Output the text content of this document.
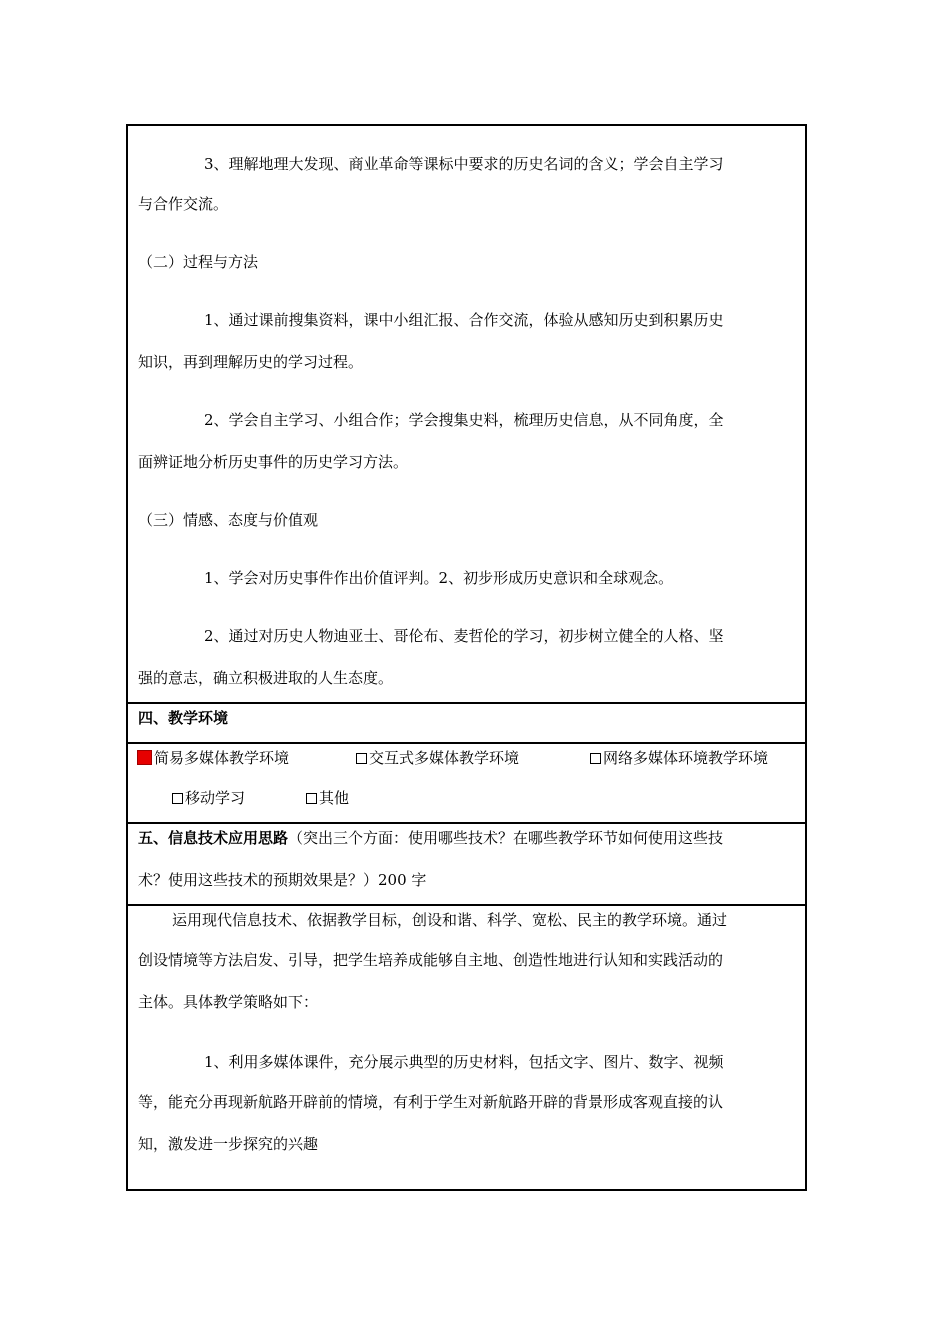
3、理解地理大发现、商业革命等课标中要求的历史名词的含义；学会自主学习
与合作交流。
（二）过程与方法
1、通过课前搜集资料，课中小组汇报、合作交流，体验从感知历史到积累历史
知识，再到理解历史的学习过程。
2、学会自主学习、小组合作；学会搜集史料，梳理历史信息，从不同角度，全
面辨证地分析历史事件的历史学习方法。
（三）情感、态度与价值观
1、学会对历史事件作出价值评判。2、初步形成历史意识和全球观念。
2、通过对历史人物迪亚士、哥伦布、麦哲伦的学习，初步树立健全的人格、坚
强的意志，确立积极进取的人生态度。
四、教学环境
简易多媒体教学环境	交互式多媒体教学环境	网络多媒体环境教学环境
移动学习	其他
五、信息技术应用思路（突出三个方面：使用哪些技术？在哪些教学环节如何使用这些技
术？使用这些技术的预期效果是？）200 字
运用现代信息技术、依据教学目标，创设和谐、科学、宽松、民主的教学环境。通过
创设情境等方法启发、引导，把学生培养成能够自主地、创造性地进行认知和实践活动的
主体。具体教学策略如下：
1、利用多媒体课件，充分展示典型的历史材料，包括文字、图片、数字、视频
等，能充分再现新航路开辟前的情境，有利于学生对新航路开辟的背景形成客观直接的认
知，激发进一步探究的兴趣
